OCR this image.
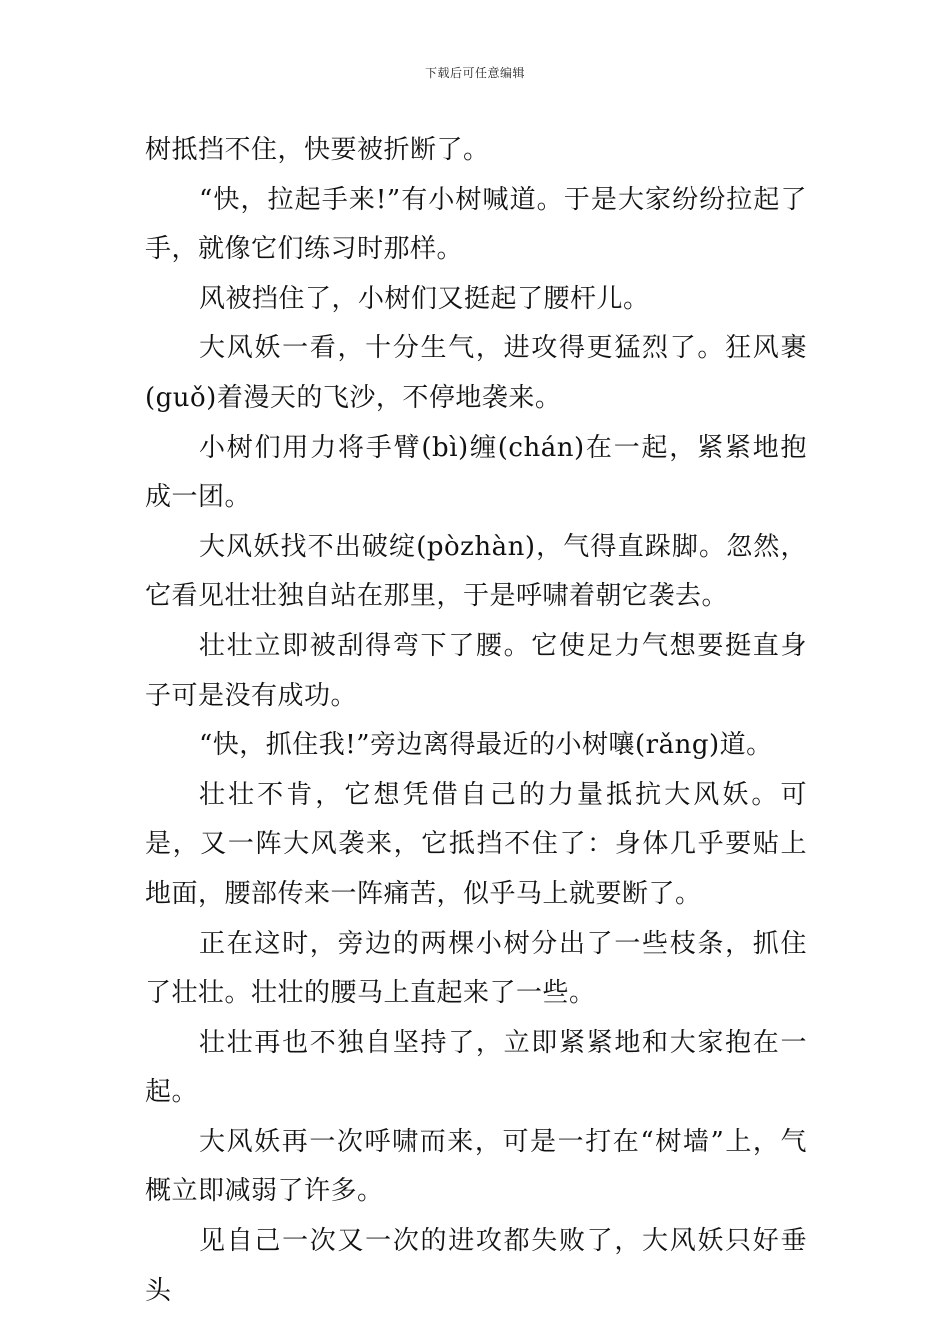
下载后可任意编辑

树抵挡不住，快要被折断了。

“快，拉起手来!”有小树喊道。于是大家纷纷拉起了手，就像它们练习时那样。

风被挡住了，小树们又挺起了腰杆儿。

大风妖一看，十分生气，进攻得更猛烈了。狂风裹(guǒ)着漫天的飞沙，不停地袭来。

小树们用力将手臂(bì)缠(chán)在一起，紧紧地抱成一团。

大风妖找不出破绽(pòzhàn)，气得直跺脚。忽然，它看见壮壮独自站在那里，于是呼啸着朝它袭去。

壮壮立即被刮得弯下了腰。它使足力气想要挺直身子可是没有成功。

“快，抓住我!”旁边离得最近的小树嚷(rǎng)道。

壮壮不肯，它想凭借自己的力量抵抗大风妖。可是，又一阵大风袭来，它抵挡不住了：身体几乎要贴上地面，腰部传来一阵痛苦，似乎马上就要断了。

正在这时，旁边的两棵小树分出了一些枝条，抓住了壮壮。壮壮的腰马上直起来了一些。

壮壮再也不独自坚持了，立即紧紧地和大家抱在一起。

大风妖再一次呼啸而来，可是一打在“树墙”上，气概立即减弱了许多。

见自己一次又一次的进攻都失败了，大风妖只好垂头
